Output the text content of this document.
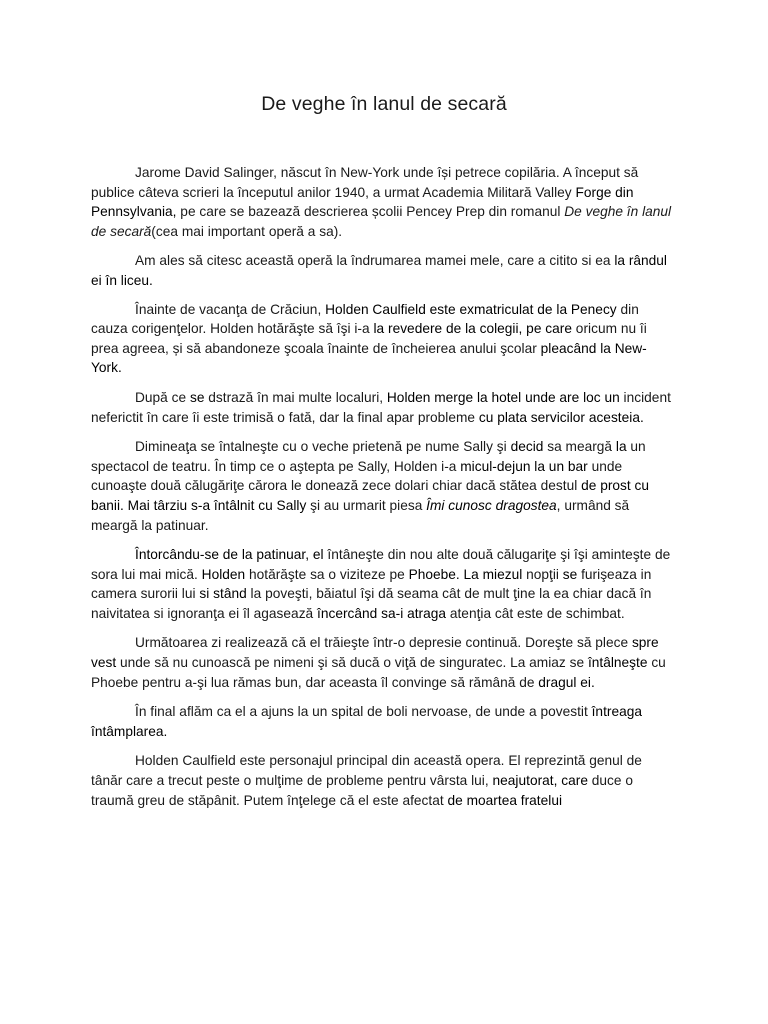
De veghe în lanul de secară

Jarome David Salinger, născut în New-York unde își petrece copilăria. A început să publice câteva scrieri la începutul anilor 1940, a urmat Academia Militară Valley Forge din Pennsylvania, pe care se bazează descrierea școlii Pencey Prep din romanul De veghe în lanul de secară(cea mai important operă a sa).

Am ales să citesc această operă la îndrumarea mamei mele, care a citito si ea la rândul ei în liceu.

Înainte de vacanţa de Crăciun, Holden Caulfield este exmatriculat de la Penecy din cauza corigenţelor. Holden hotărăşte să îşi i-a la revedere de la colegii, pe care oricum nu îi prea agreea, și să abandoneze şcoala înainte de încheierea anului şcolar pleacând la New-York.

După ce se dstrază în mai multe localuri, Holden merge la hotel unde are loc un incident neferictit în care îi este trimisă o fată, dar la final apar probleme cu plata servicilor acesteia.

Dimineaţa se întalneşte cu o veche prietenă pe nume Sally şi decid sa meargă la un spectacol de teatru. În timp ce o aştepta pe Sally, Holden i-a micul-dejun la un bar unde cunoaşte două călugăriţe cărora le donează zece dolari chiar dacă stătea destul de prost cu banii. Mai târziu s-a întâlnit cu Sally şi au urmarit piesa Îmi cunosc dragostea, urmând să meargă la patinuar.

Întorcându-se de la patinuar, el întâneşte din nou alte două călugariţe şi îşi aminteşte de sora lui mai mică. Holden hotărăşte sa o viziteze pe Phoebe. La miezul nopţii se furişeaza in camera surorii lui si stând la poveşti, băiatul îşi dă seama cât de mult ţine la ea chiar dacă în naivitatea si ignoranţa ei îl agasează încercând sa-i atraga atenţia cât este de schimbat.

Următoarea zi realizează că el trăieşte într-o depresie continuă. Doreşte să plece spre vest unde să nu cunoască pe nimeni şi să ducă o viţă de singuratec. La amiaz se întâlneşte cu Phoebe pentru a-şi lua rămas bun, dar aceasta îl convinge să rămână de dragul ei.

În final aflăm ca el a ajuns la un spital de boli nervoase, de unde a povestit întreaga întâmplarea.

Holden Caulfield este personajul principal din această opera. El reprezintă genul de tânăr care a trecut peste o mulţime de probleme pentru vârsta lui, neajutorat, care duce o traumă greu de stăpânit. Putem înţelege că el este afectat de moartea fratelui
